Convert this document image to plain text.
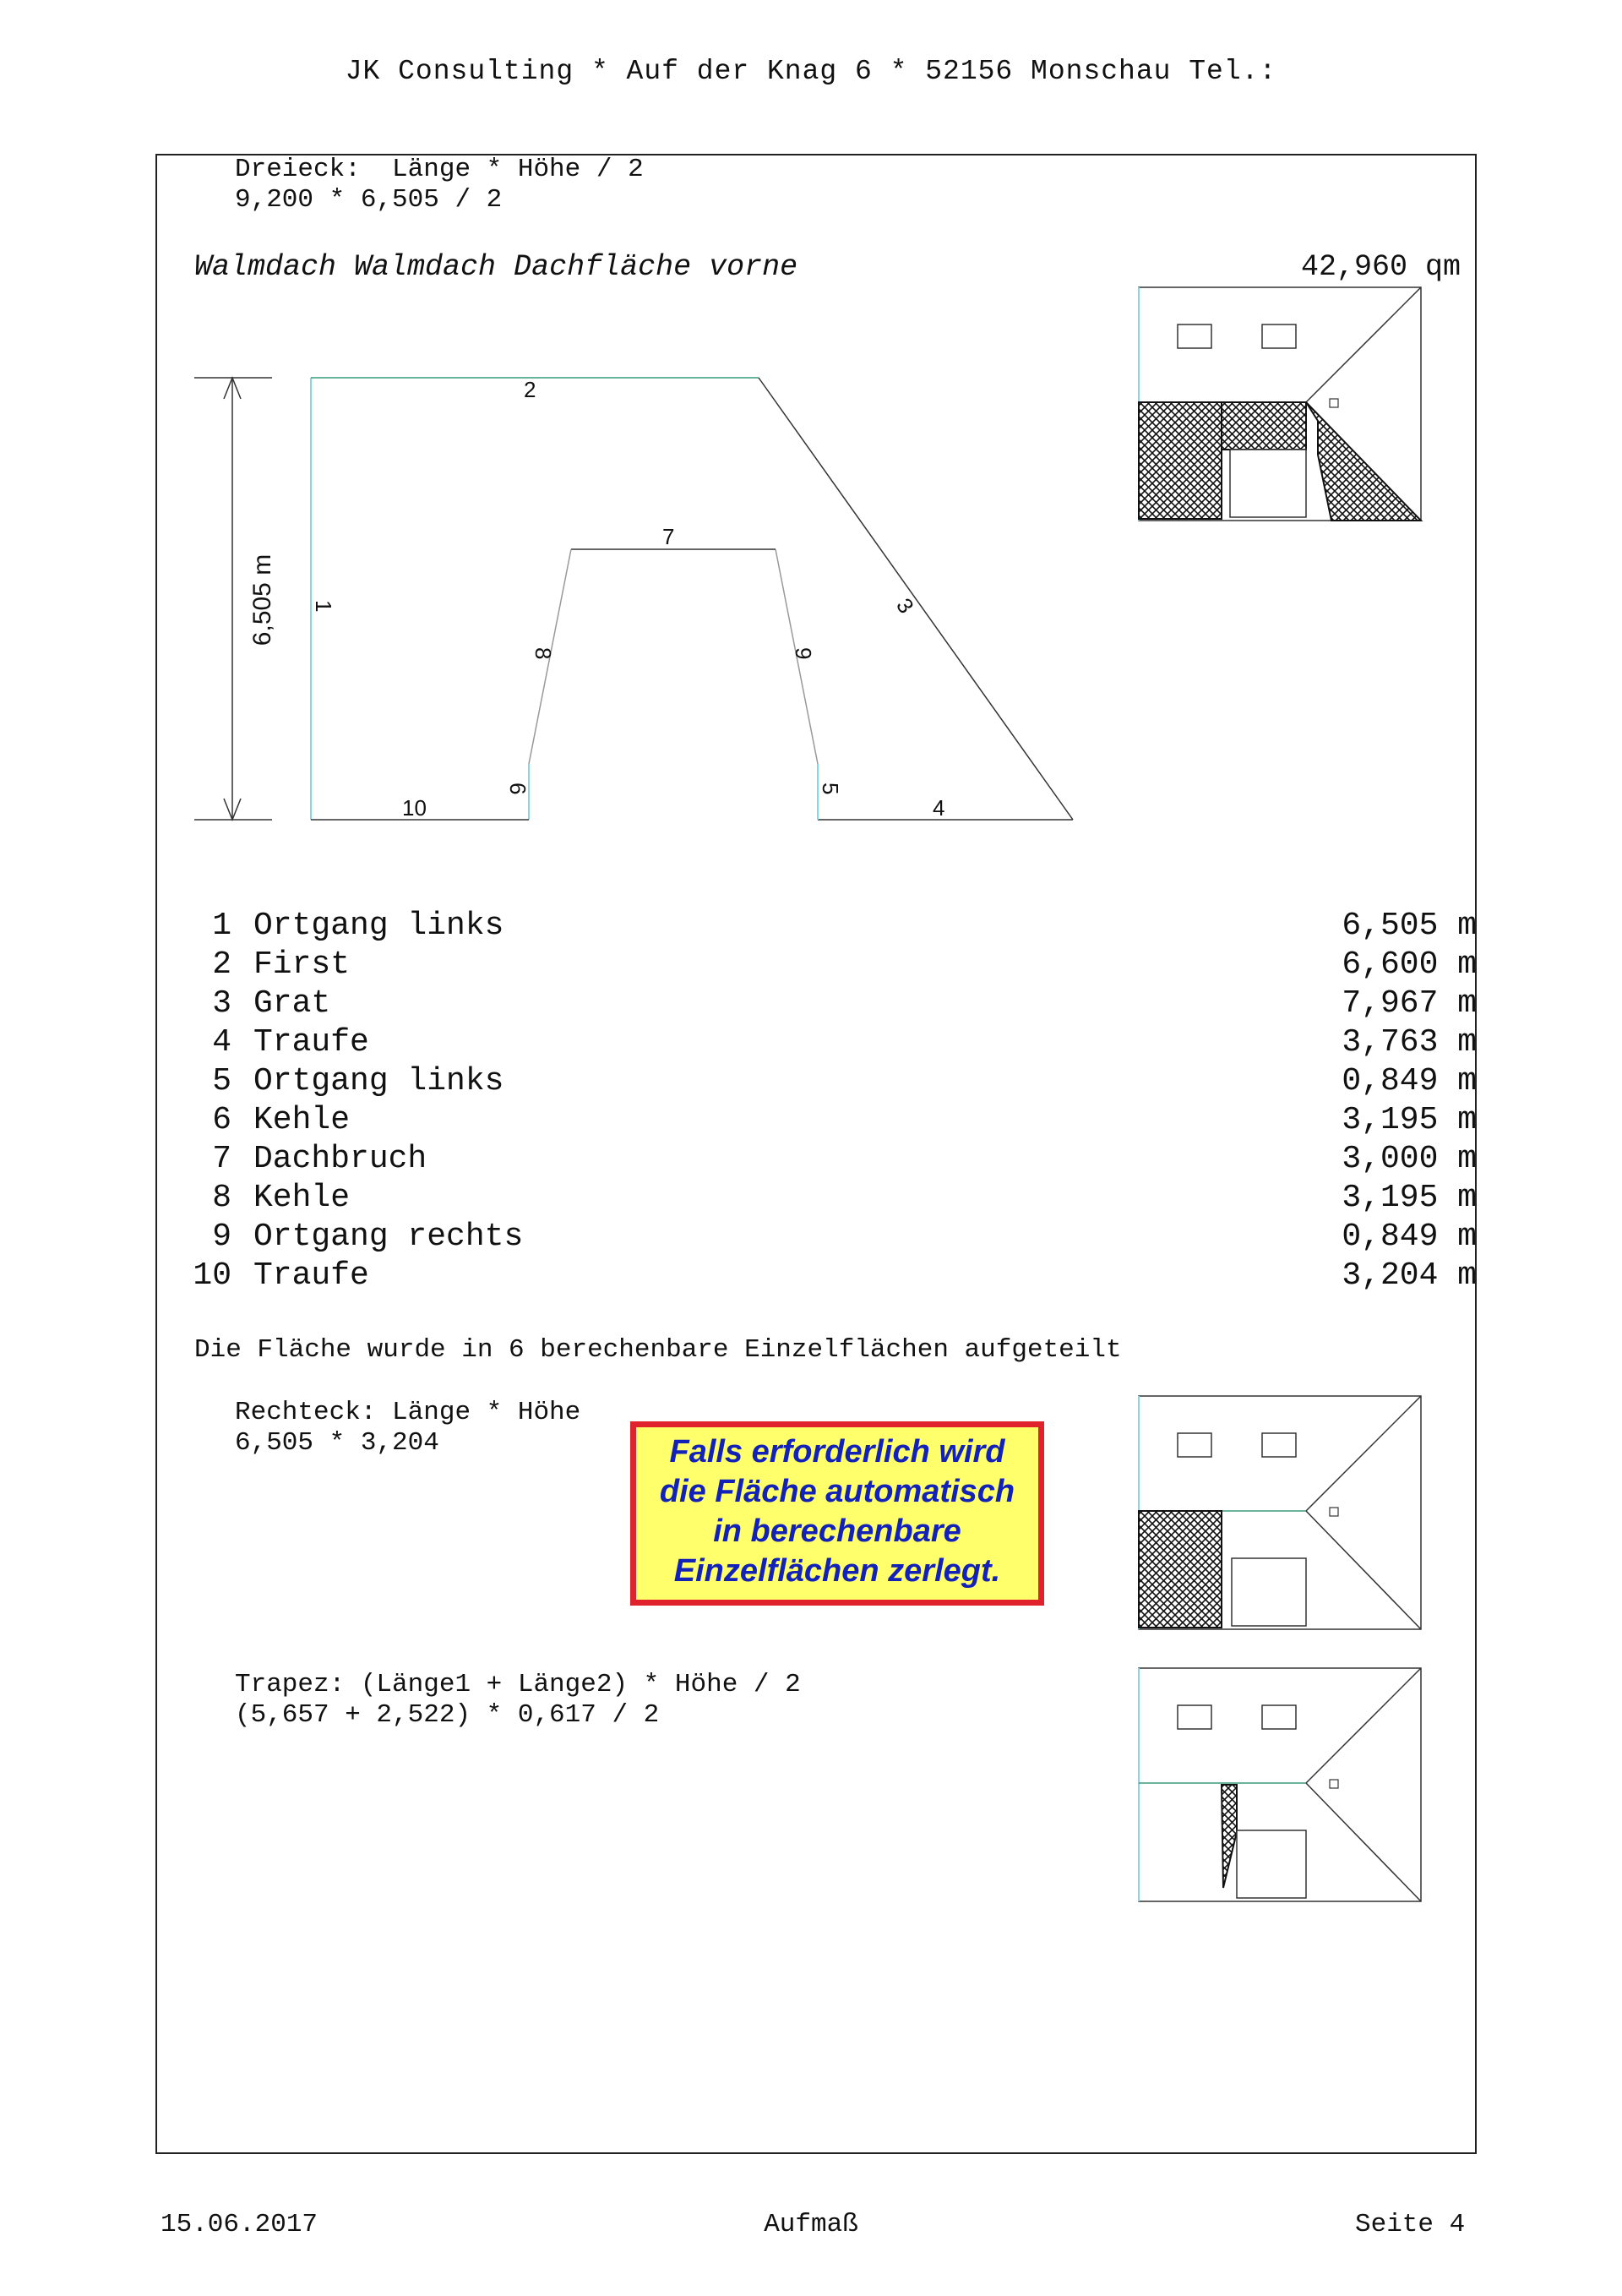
JK Consulting * Auf der Knag 6 * 52156 Monschau Tel.:
Dreieck:  Länge * Höhe / 2
9,200 * 6,505 / 2
Walmdach Walmdach Dachfläche vorne	42,960 qm
6,505 m 1
2
3
4
5
6
7
8	9
10
1 Ortgang links	6,505 m
2 First	6,600 m
3 Grat	7,967 m
4 Traufe	3,763 m
5 Ortgang links	0,849 m
6 Kehle	3,195 m
7 Dachbruch	3,000 m
8 Kehle	3,195 m
9 Ortgang rechts	0,849 m
10 Traufe	3,204 m
Die Fläche wurde in 6 berechenbare Einzelflächen aufgeteilt
Rechteck: Länge * Höhe
6,505 * 3,204	Falls erforderlich wird
die Fläche automatisch
in berechenbare
Einzelflächen zerlegt.
Trapez: (Länge1 + Länge2) * Höhe / 2
(5,657 + 2,522) * 0,617 / 2
15.06.2017	Aufmaß	Seite 4
